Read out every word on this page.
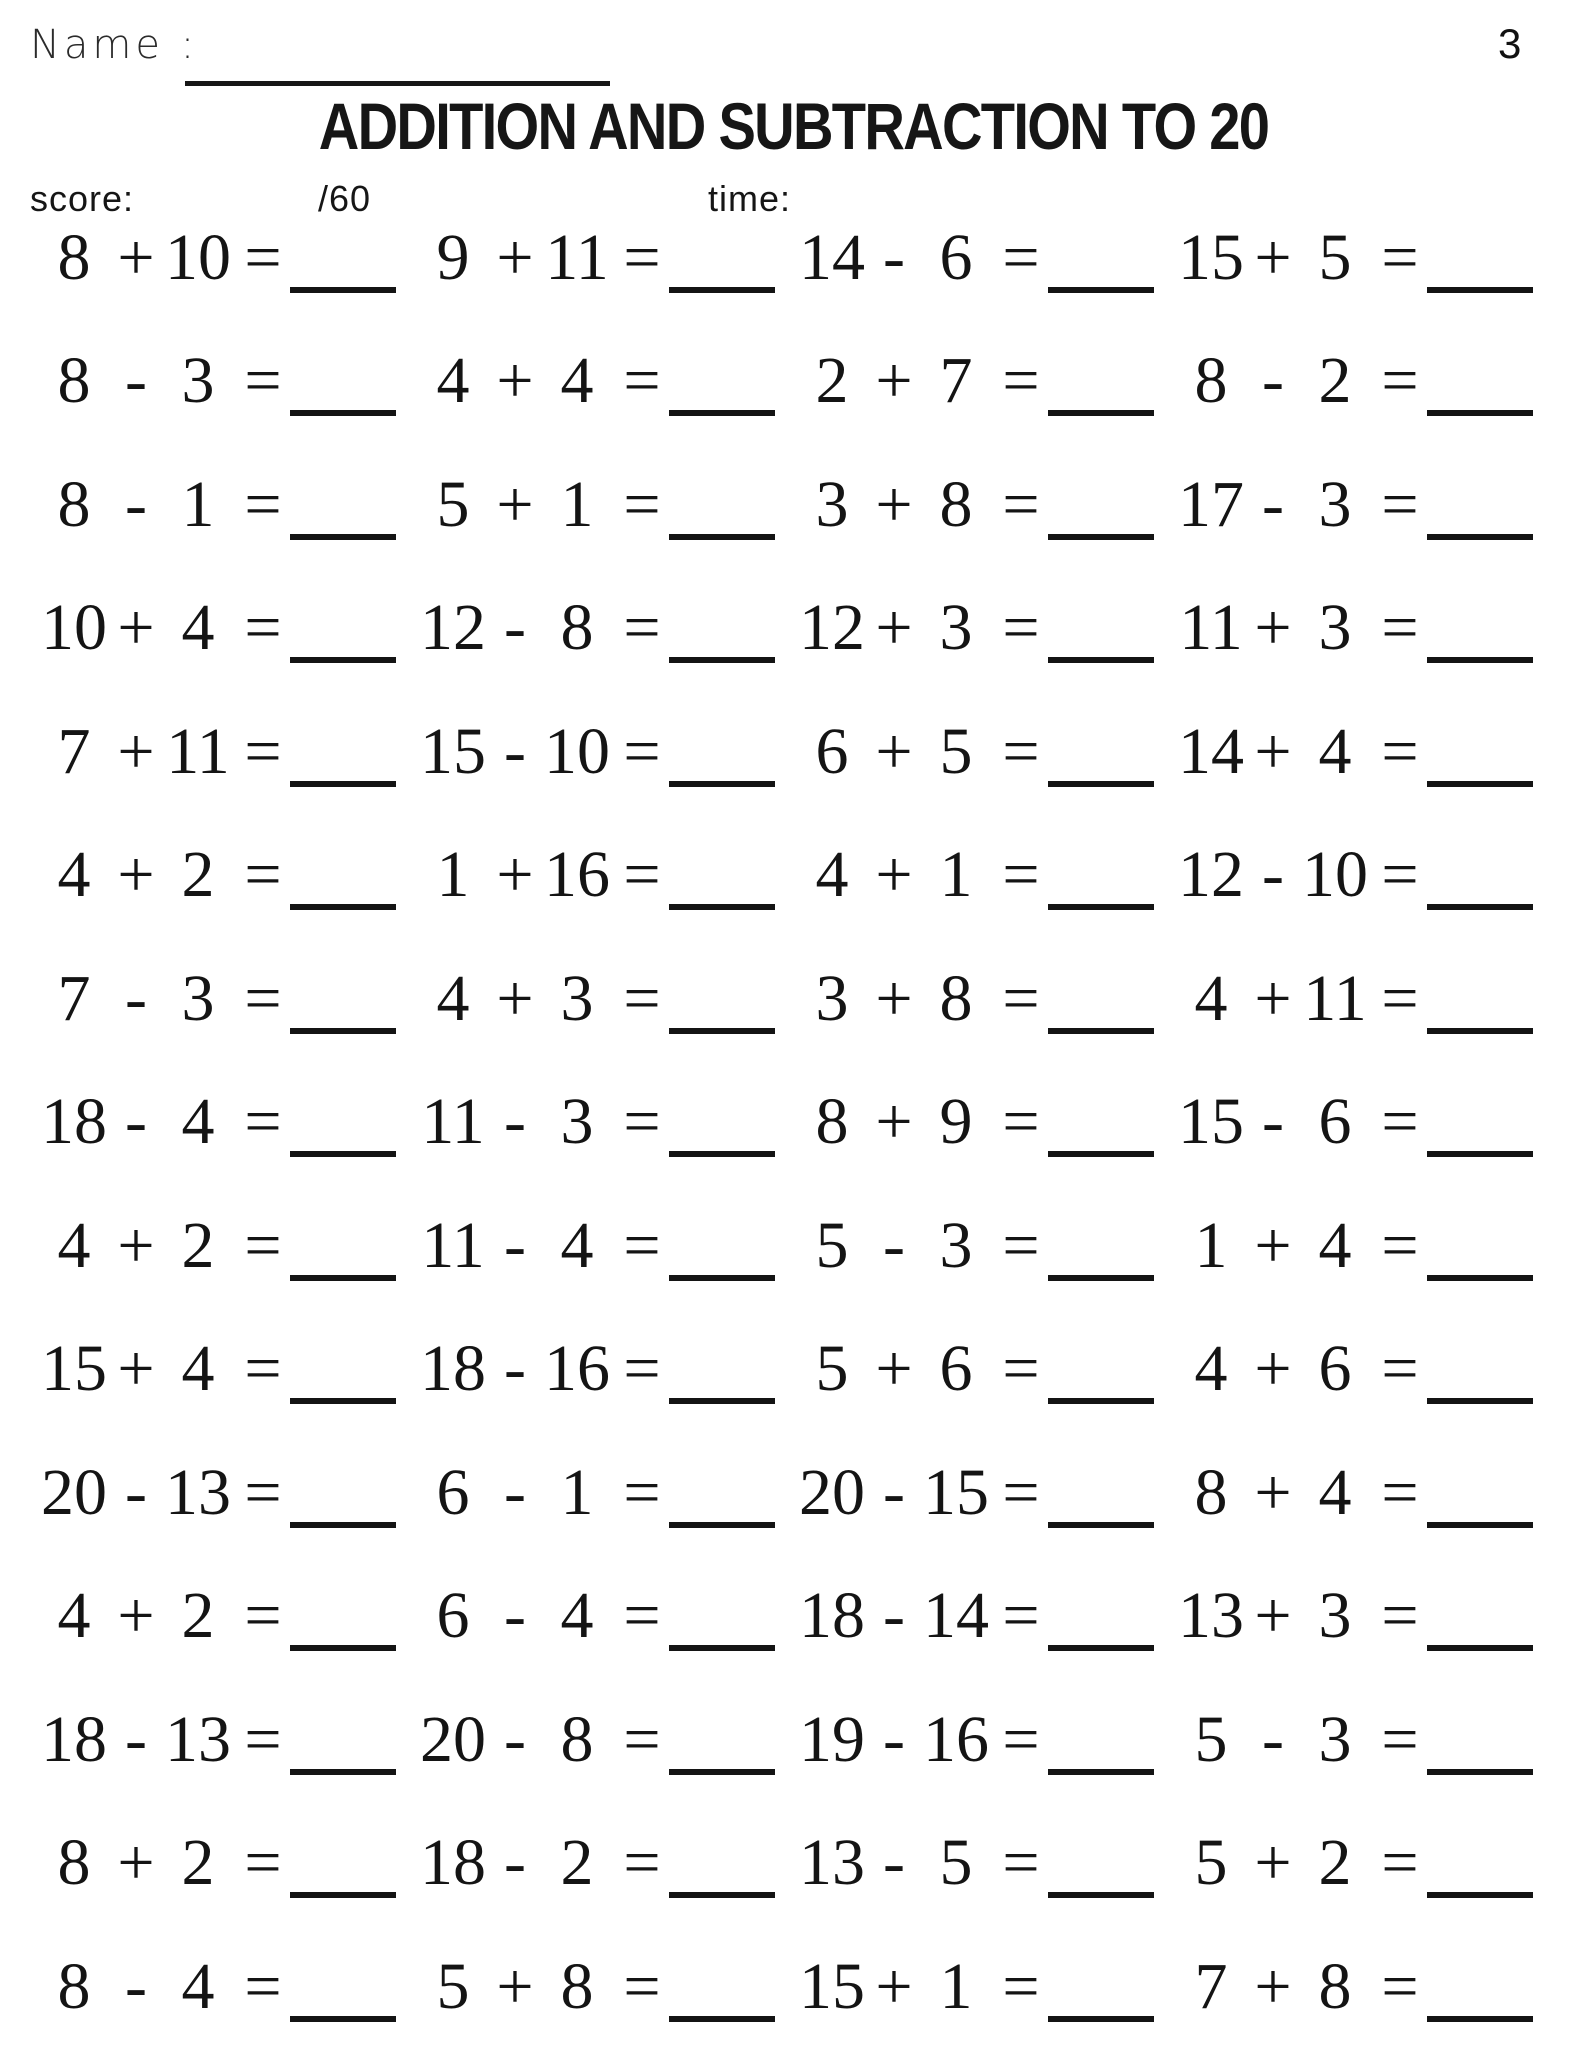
Name :	3
ADDITION AND SUBTRACTION TO 20
score:	/60	time:
8 + 10 =	9 + 11 = 14 - 6 = 15 + 5 =
8 - 3 =	4 + 4 =	2 + 7 =	8 - 2 =
8 - 1 =	5 + 1 =	3 + 8 = 17 - 3 =
10 + 4 = 12 - 8 = 12 + 3 = 11 + 3 =
7 + 11 = 15 - 10 =	6 + 5 = 14 + 4 =
4 + 2 =	1 + 16 =	4 + 1 = 12 - 10 =
7 - 3 =	4 + 3 =	3 + 8 =	4 + 11 =
18 - 4 = 11 - 3 =	8 + 9 = 15 - 6 =
4 + 2 = 11 - 4 =	5 - 3 =	1 + 4 =
15 + 4 = 18 - 16 =	5 + 6 =	4 + 6 =
20 - 13 =	6 - 1 = 20 - 15 =	8 + 4 =
4 + 2 =	6 - 4 = 18 - 14 = 13 + 3 =
18 - 13 = 20 - 8 = 19 - 16 =	5 - 3 =
8 + 2 = 18 - 2 = 13 - 5 =	5 + 2 =
8 - 4 =	5 + 8 = 15 + 1 =	7 + 8 =
